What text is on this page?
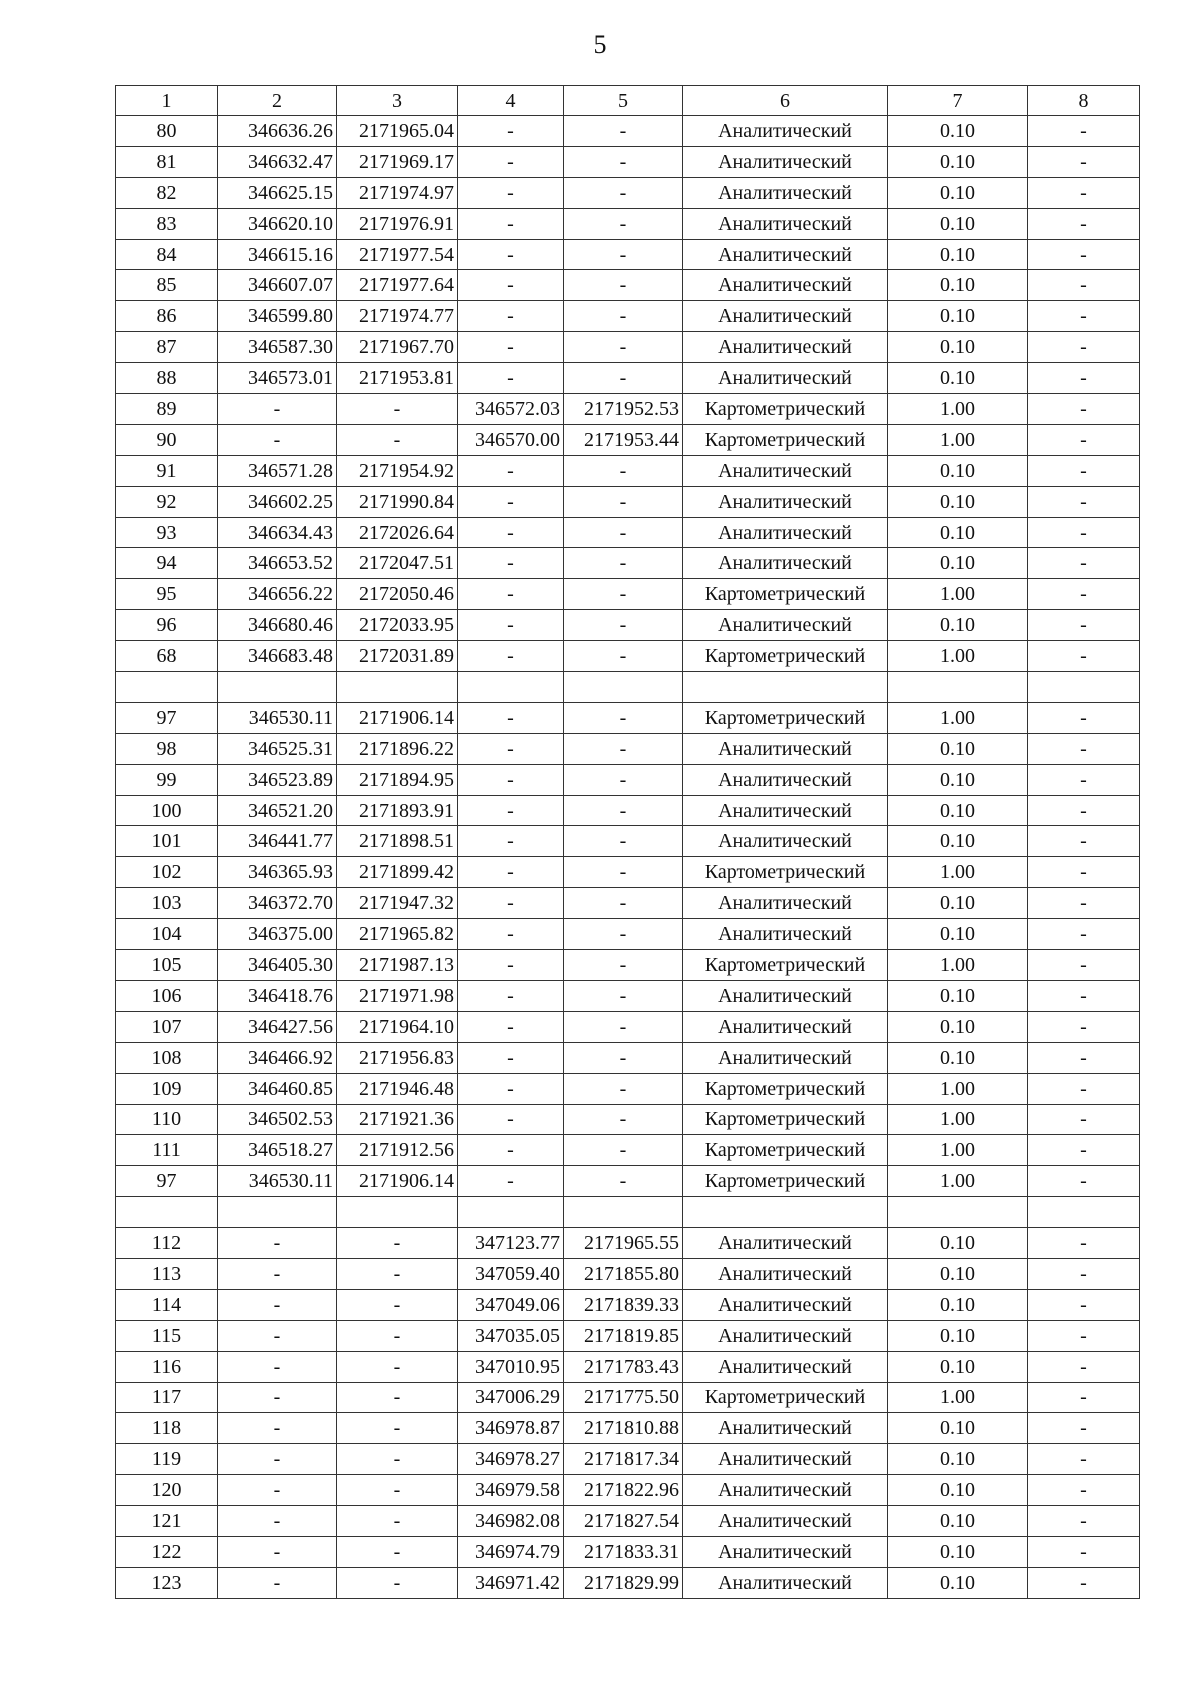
5
1	2	3	4	5	6	7	8
80	346636.26	2171965.04	-	-	Аналитический	0.10	-
81	346632.47	2171969.17	-	-	Аналитический	0.10	-
82	346625.15	2171974.97	-	-	Аналитический	0.10	-
83	346620.10	2171976.91	-	-	Аналитический	0.10	-
84	346615.16	2171977.54	-	-	Аналитический	0.10	-
85	346607.07	2171977.64	-	-	Аналитический	0.10	-
86	346599.80	2171974.77	-	-	Аналитический	0.10	-
87	346587.30	2171967.70	-	-	Аналитический	0.10	-
88	346573.01	2171953.81	-	-	Аналитический	0.10	-
89	-	-	346572.03	2171952.53	Картометрический	1.00	-
90	-	-	346570.00	2171953.44	Картометрический	1.00	-
91	346571.28	2171954.92	-	-	Аналитический	0.10	-
92	346602.25	2171990.84	-	-	Аналитический	0.10	-
93	346634.43	2172026.64	-	-	Аналитический	0.10	-
94	346653.52	2172047.51	-	-	Аналитический	0.10	-
95	346656.22	2172050.46	-	-	Картометрический	1.00	-
96	346680.46	2172033.95	-	-	Аналитический	0.10	-
68	346683.48	2172031.89	-	-	Картометрический	1.00	-

97	346530.11	2171906.14	-	-	Картометрический	1.00	-
98	346525.31	2171896.22	-	-	Аналитический	0.10	-
99	346523.89	2171894.95	-	-	Аналитический	0.10	-
100	346521.20	2171893.91	-	-	Аналитический	0.10	-
101	346441.77	2171898.51	-	-	Аналитический	0.10	-
102	346365.93	2171899.42	-	-	Картометрический	1.00	-
103	346372.70	2171947.32	-	-	Аналитический	0.10	-
104	346375.00	2171965.82	-	-	Аналитический	0.10	-
105	346405.30	2171987.13	-	-	Картометрический	1.00	-
106	346418.76	2171971.98	-	-	Аналитический	0.10	-
107	346427.56	2171964.10	-	-	Аналитический	0.10	-
108	346466.92	2171956.83	-	-	Аналитический	0.10	-
109	346460.85	2171946.48	-	-	Картометрический	1.00	-
110	346502.53	2171921.36	-	-	Картометрический	1.00	-
111	346518.27	2171912.56	-	-	Картометрический	1.00	-
97	346530.11	2171906.14	-	-	Картометрический	1.00	-

112	-	-	347123.77	2171965.55	Аналитический	0.10	-
113	-	-	347059.40	2171855.80	Аналитический	0.10	-
114	-	-	347049.06	2171839.33	Аналитический	0.10	-
115	-	-	347035.05	2171819.85	Аналитический	0.10	-
116	-	-	347010.95	2171783.43	Аналитический	0.10	-
117	-	-	347006.29	2171775.50	Картометрический	1.00	-
118	-	-	346978.87	2171810.88	Аналитический	0.10	-
119	-	-	346978.27	2171817.34	Аналитический	0.10	-
120	-	-	346979.58	2171822.96	Аналитический	0.10	-
121	-	-	346982.08	2171827.54	Аналитический	0.10	-
122	-	-	346974.79	2171833.31	Аналитический	0.10	-
123	-	-	346971.42	2171829.99	Аналитический	0.10	-
